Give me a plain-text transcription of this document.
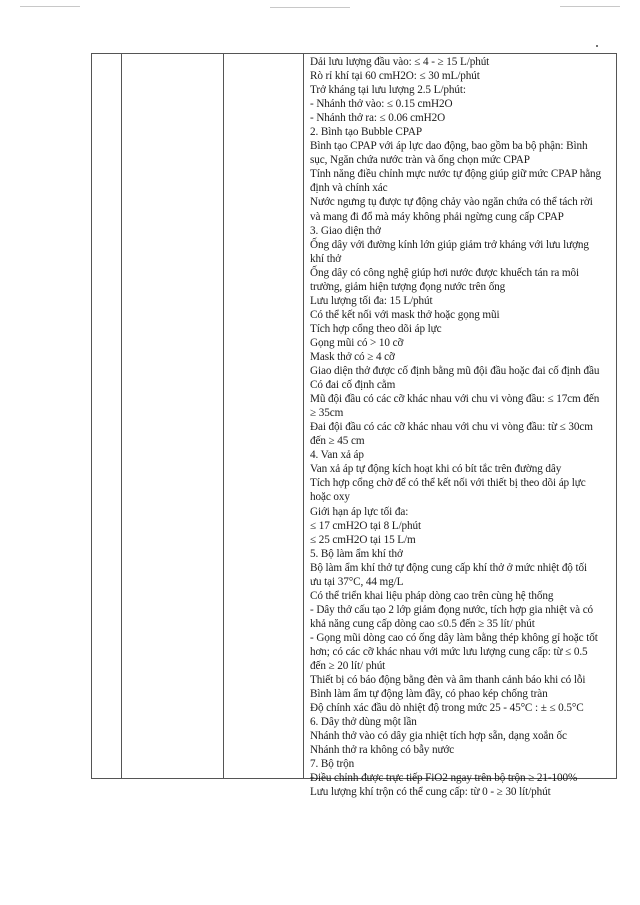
Dải lưu lượng đầu vào: ≤ 4 - ≥ 15 L/phút
Rò rỉ khí tại 60 cmH2O: ≤ 30 mL/phút
Trở kháng tại lưu lượng 2.5 L/phút:
- Nhánh thở vào: ≤ 0.15 cmH2O
- Nhánh thở ra: ≤ 0.06 cmH2O
2. Bình tạo Bubble CPAP
Bình tạo CPAP với áp lực dao động, bao gồm ba bộ phận: Bình
sục, Ngăn chứa nước tràn và ống chọn mức CPAP
Tính năng điều chỉnh mực nước tự động giúp giữ mức CPAP hằng
định và chính xác
Nước ngưng tụ được tự động chảy vào ngăn chứa có thể tách rời
và mang đi đổ mà máy không phải ngừng cung cấp CPAP
3. Giao diện thở
Ống dây với đường kính lớn giúp giảm trở kháng với lưu lượng
khí thở
Ống dây có công nghệ giúp hơi nước được khuếch tán ra môi
trường, giảm hiện tượng đọng nước trên ống
Lưu lượng tối đa: 15 L/phút
Có thể kết nối với mask thở hoặc gọng mũi
Tích hợp cổng theo dõi áp lực
Gọng mũi có > 10 cỡ
Mask thở có ≥ 4 cỡ
Giao diện thở được cố định bằng mũ đội đầu hoặc đai cố định đầu
Có đai cố định cằm
Mũ đội đầu có các cỡ khác nhau với chu vi vòng đầu: ≤ 17cm đến
≥ 35cm
Đai đội đầu có các cỡ khác nhau với chu vi vòng đầu: từ ≤ 30cm
đến ≥ 45 cm
4. Van xả áp
Van xả áp tự động kích hoạt khi có bít tắc trên đường dây
Tích hợp cổng chờ để có thể kết nối với thiết bị theo dõi áp lực
hoặc oxy
Giới hạn áp lực tối đa:
≤ 17 cmH2O tại 8 L/phút
≤ 25 cmH2O tại 15 L/m
5. Bộ làm ẩm khí thở
Bộ làm ẩm khí thở tự động cung cấp khí thở ở mức nhiệt độ tối
ưu tại 37°C, 44 mg/L
Có thể triển khai liệu pháp dòng cao trên cùng hệ thống
- Dây thở cấu tạo 2 lớp giảm đọng nước, tích hợp gia nhiệt và có
khả năng cung cấp dòng cao ≤0.5 đến ≥ 35 lít/ phút
- Gọng mũi dòng cao có ống dây làm bằng thép không gỉ hoặc tốt
hơn; có các cỡ khác nhau với mức lưu lượng cung cấp: từ ≤ 0.5
đến ≥ 20 lít/ phút
Thiết bị có báo động bằng đèn và âm thanh cảnh báo khi có lỗi
Bình làm ẩm tự động làm đầy, có phao kép chống tràn
Độ chính xác đầu dò nhiệt độ trong mức 25 - 45°C : ± ≤ 0.5°C
6. Dây thở dùng một lần
Nhánh thở vào có dây gia nhiệt tích hợp sẵn, dạng xoắn ốc
Nhánh thở ra không có bẫy nước
7. Bộ trộn
Điều chỉnh được trực tiếp FiO2 ngay trên bộ trộn ≥ 21-100%
Lưu lượng khí trộn có thể cung cấp: từ 0 - ≥ 30 lít/phút
